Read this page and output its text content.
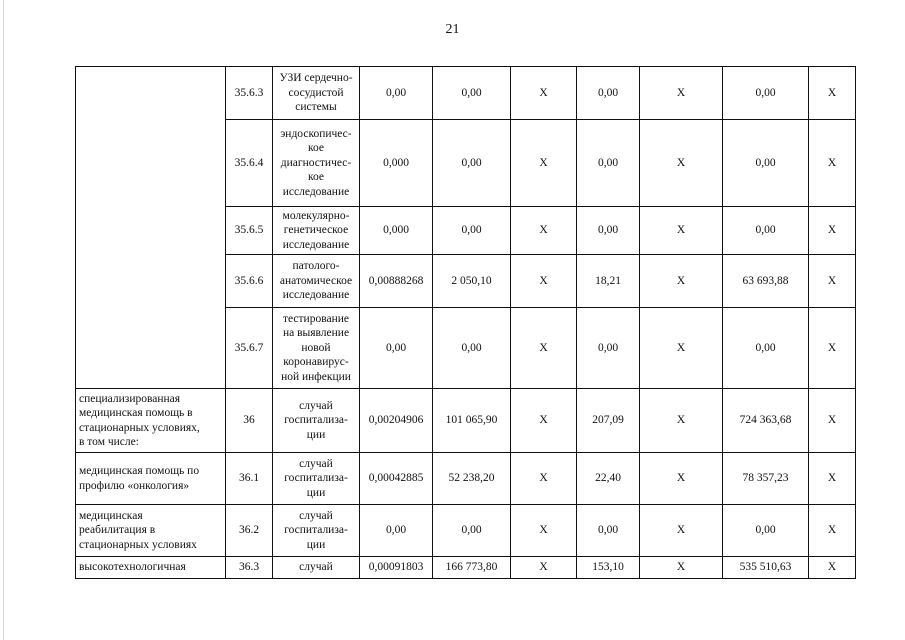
21
	35.6.3	УЗИ сердечно-
сосудистой
системы	0,00	0,00	X	0,00	X	0,00	X
	35.6.4	эндоскопичес-
кое
диагностичес-
кое
исследование	0,000	0,00	X	0,00	X	0,00	X
	35.6.5	молекулярно-
генетическое
исследование	0,000	0,00	X	0,00	X	0,00	X
	35.6.6	патолого-
анатомическое
исследование	0,00888268	2 050,10	X	18,21	X	63 693,88	X
	35.6.7	тестирование
на выявление
новой
коронавирус-
ной инфекции	0,00	0,00	X	0,00	X	0,00	X
специализированная
медицинская помощь в
стационарных условиях,
в том числе:	36	случай
госпитализа-
ции	0,00204906	101 065,90	X	207,09	X	724 363,68	X
медицинская помощь по
профилю «онкология»	36.1	случай
госпитализа-
ции	0,00042885	52 238,20	X	22,40	X	78 357,23	X
медицинская
реабилитация в
стационарных условиях	36.2	случай
госпитализа-
ции	0,00	0,00	X	0,00	X	0,00	X
высокотехнологичная	36.3	случай	0,00091803	166 773,80	X	153,10	X	535 510,63	X
